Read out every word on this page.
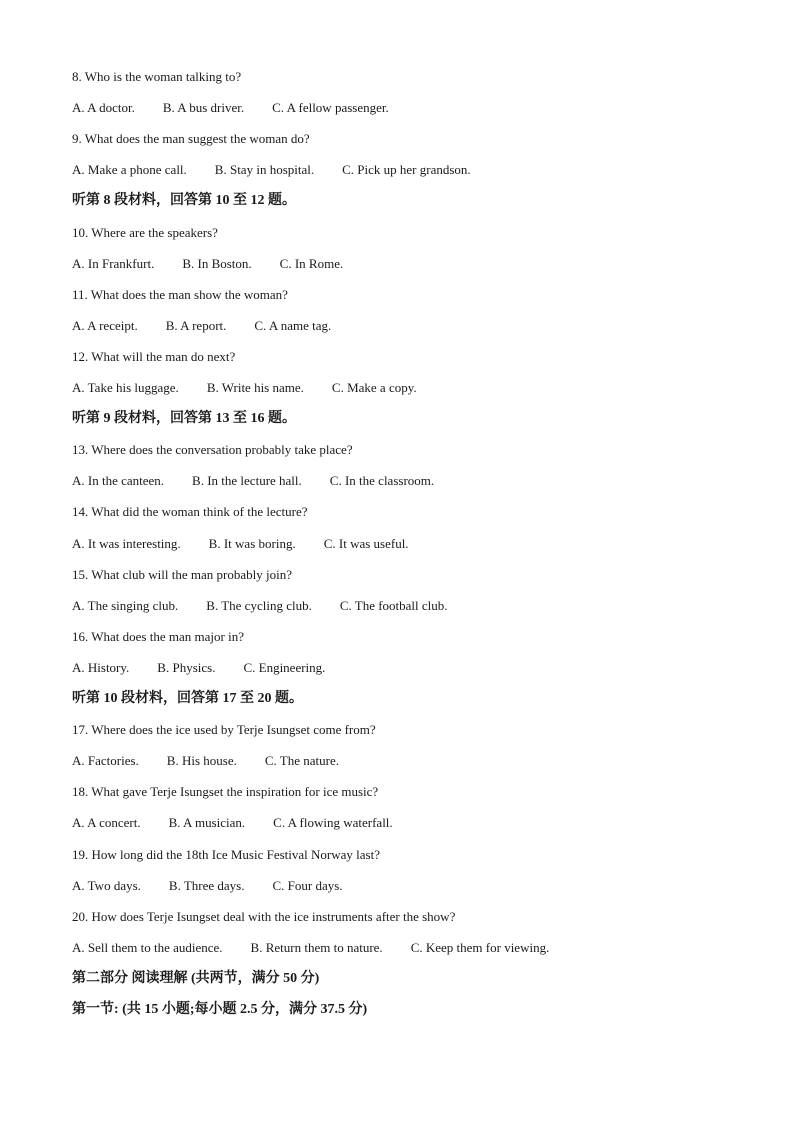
8. Who is the woman talking to?
A. A doctor. B. A bus driver. C. A fellow passenger.
9. What does the man suggest the woman do?
A. Make a phone call. B. Stay in hospital. C. Pick up her grandson.
听第 8 段材料，回答第 10 至 12 题。
10. Where are the speakers?
A. In Frankfurt. B. In Boston. C. In Rome.
11. What does the man show the woman?
A. A receipt. B. A report. C. A name tag.
12. What will the man do next?
A. Take his luggage. B. Write his name. C. Make a copy.
听第 9 段材料，回答第 13 至 16 题。
13. Where does the conversation probably take place?
A. In the canteen. B. In the lecture hall. C. In the classroom.
14. What did the woman think of the lecture?
A. It was interesting. B. It was boring. C. It was useful.
15. What club will the man probably join?
A. The singing club. B. The cycling club. C. The football club.
16. What does the man major in?
A. History. B. Physics. C. Engineering.
听第 10 段材料，回答第 17 至 20 题。
17. Where does the ice used by Terje Isungset come from?
A. Factories. B. His house. C. The nature.
18. What gave Terje Isungset the inspiration for ice music?
A. A concert. B. A musician. C. A flowing waterfall.
19. How long did the 18th Ice Music Festival Norway last?
A. Two days. B. Three days. C. Four days.
20. How does Terje Isungset deal with the ice instruments after the show?
A. Sell them to the audience. B. Return them to nature. C. Keep them for viewing.
第二部分 阅读理解 (共两节，满分 50 分)
第一节: (共 15 小题;每小题 2.5 分，满分 37.5 分)
